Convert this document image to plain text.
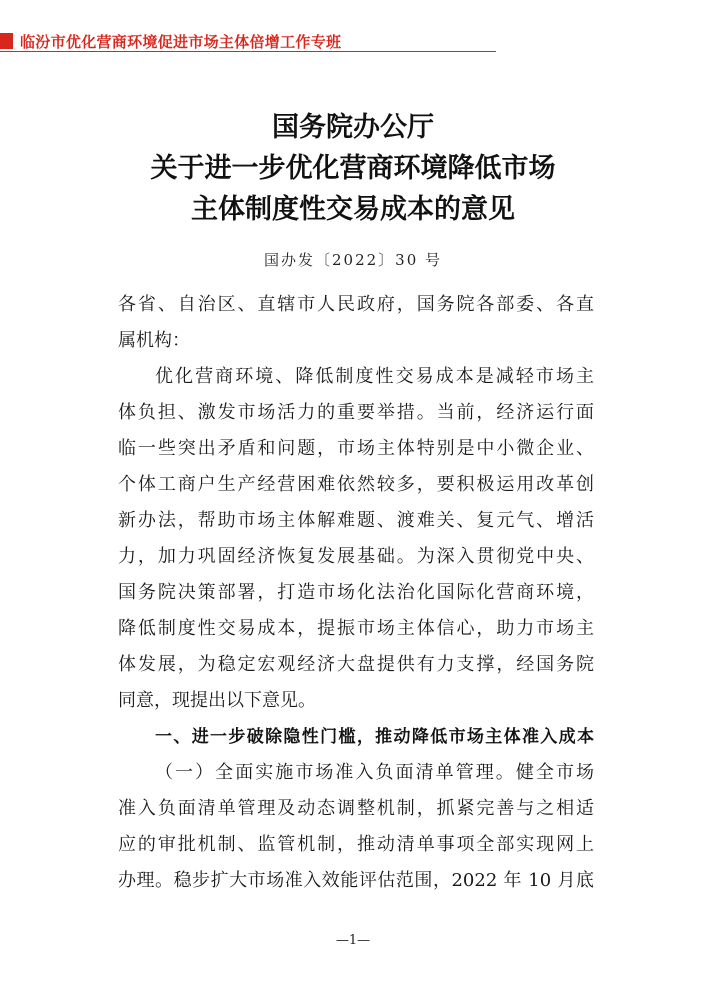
临汾市优化营商环境促进市场主体倍增工作专班
国务院办公厅
关于进一步优化营商环境降低市场
主体制度性交易成本的意见
国办发〔2022〕30 号
各省、自治区、直辖市人民政府，国务院各部委、各直
属机构：
优化营商环境、降低制度性交易成本是减轻市场主
体负担、激发市场活力的重要举措。当前，经济运行面
临一些突出矛盾和问题，市场主体特别是中小微企业、
个体工商户生产经营困难依然较多，要积极运用改革创
新办法，帮助市场主体解难题、渡难关、复元气、增活
力，加力巩固经济恢复发展基础。为深入贯彻党中央、
国务院决策部署，打造市场化法治化国际化营商环境，
降低制度性交易成本，提振市场主体信心，助力市场主
体发展，为稳定宏观经济大盘提供有力支撑，经国务院
同意，现提出以下意见。
一、进一步破除隐性门槛，推动降低市场主体准入成本
（一）全面实施市场准入负面清单管理。健全市场
准入负面清单管理及动态调整机制，抓紧完善与之相适
应的审批机制、监管机制，推动清单事项全部实现网上
办理。稳步扩大市场准入效能评估范围，2022 年 10 月底
—1—
